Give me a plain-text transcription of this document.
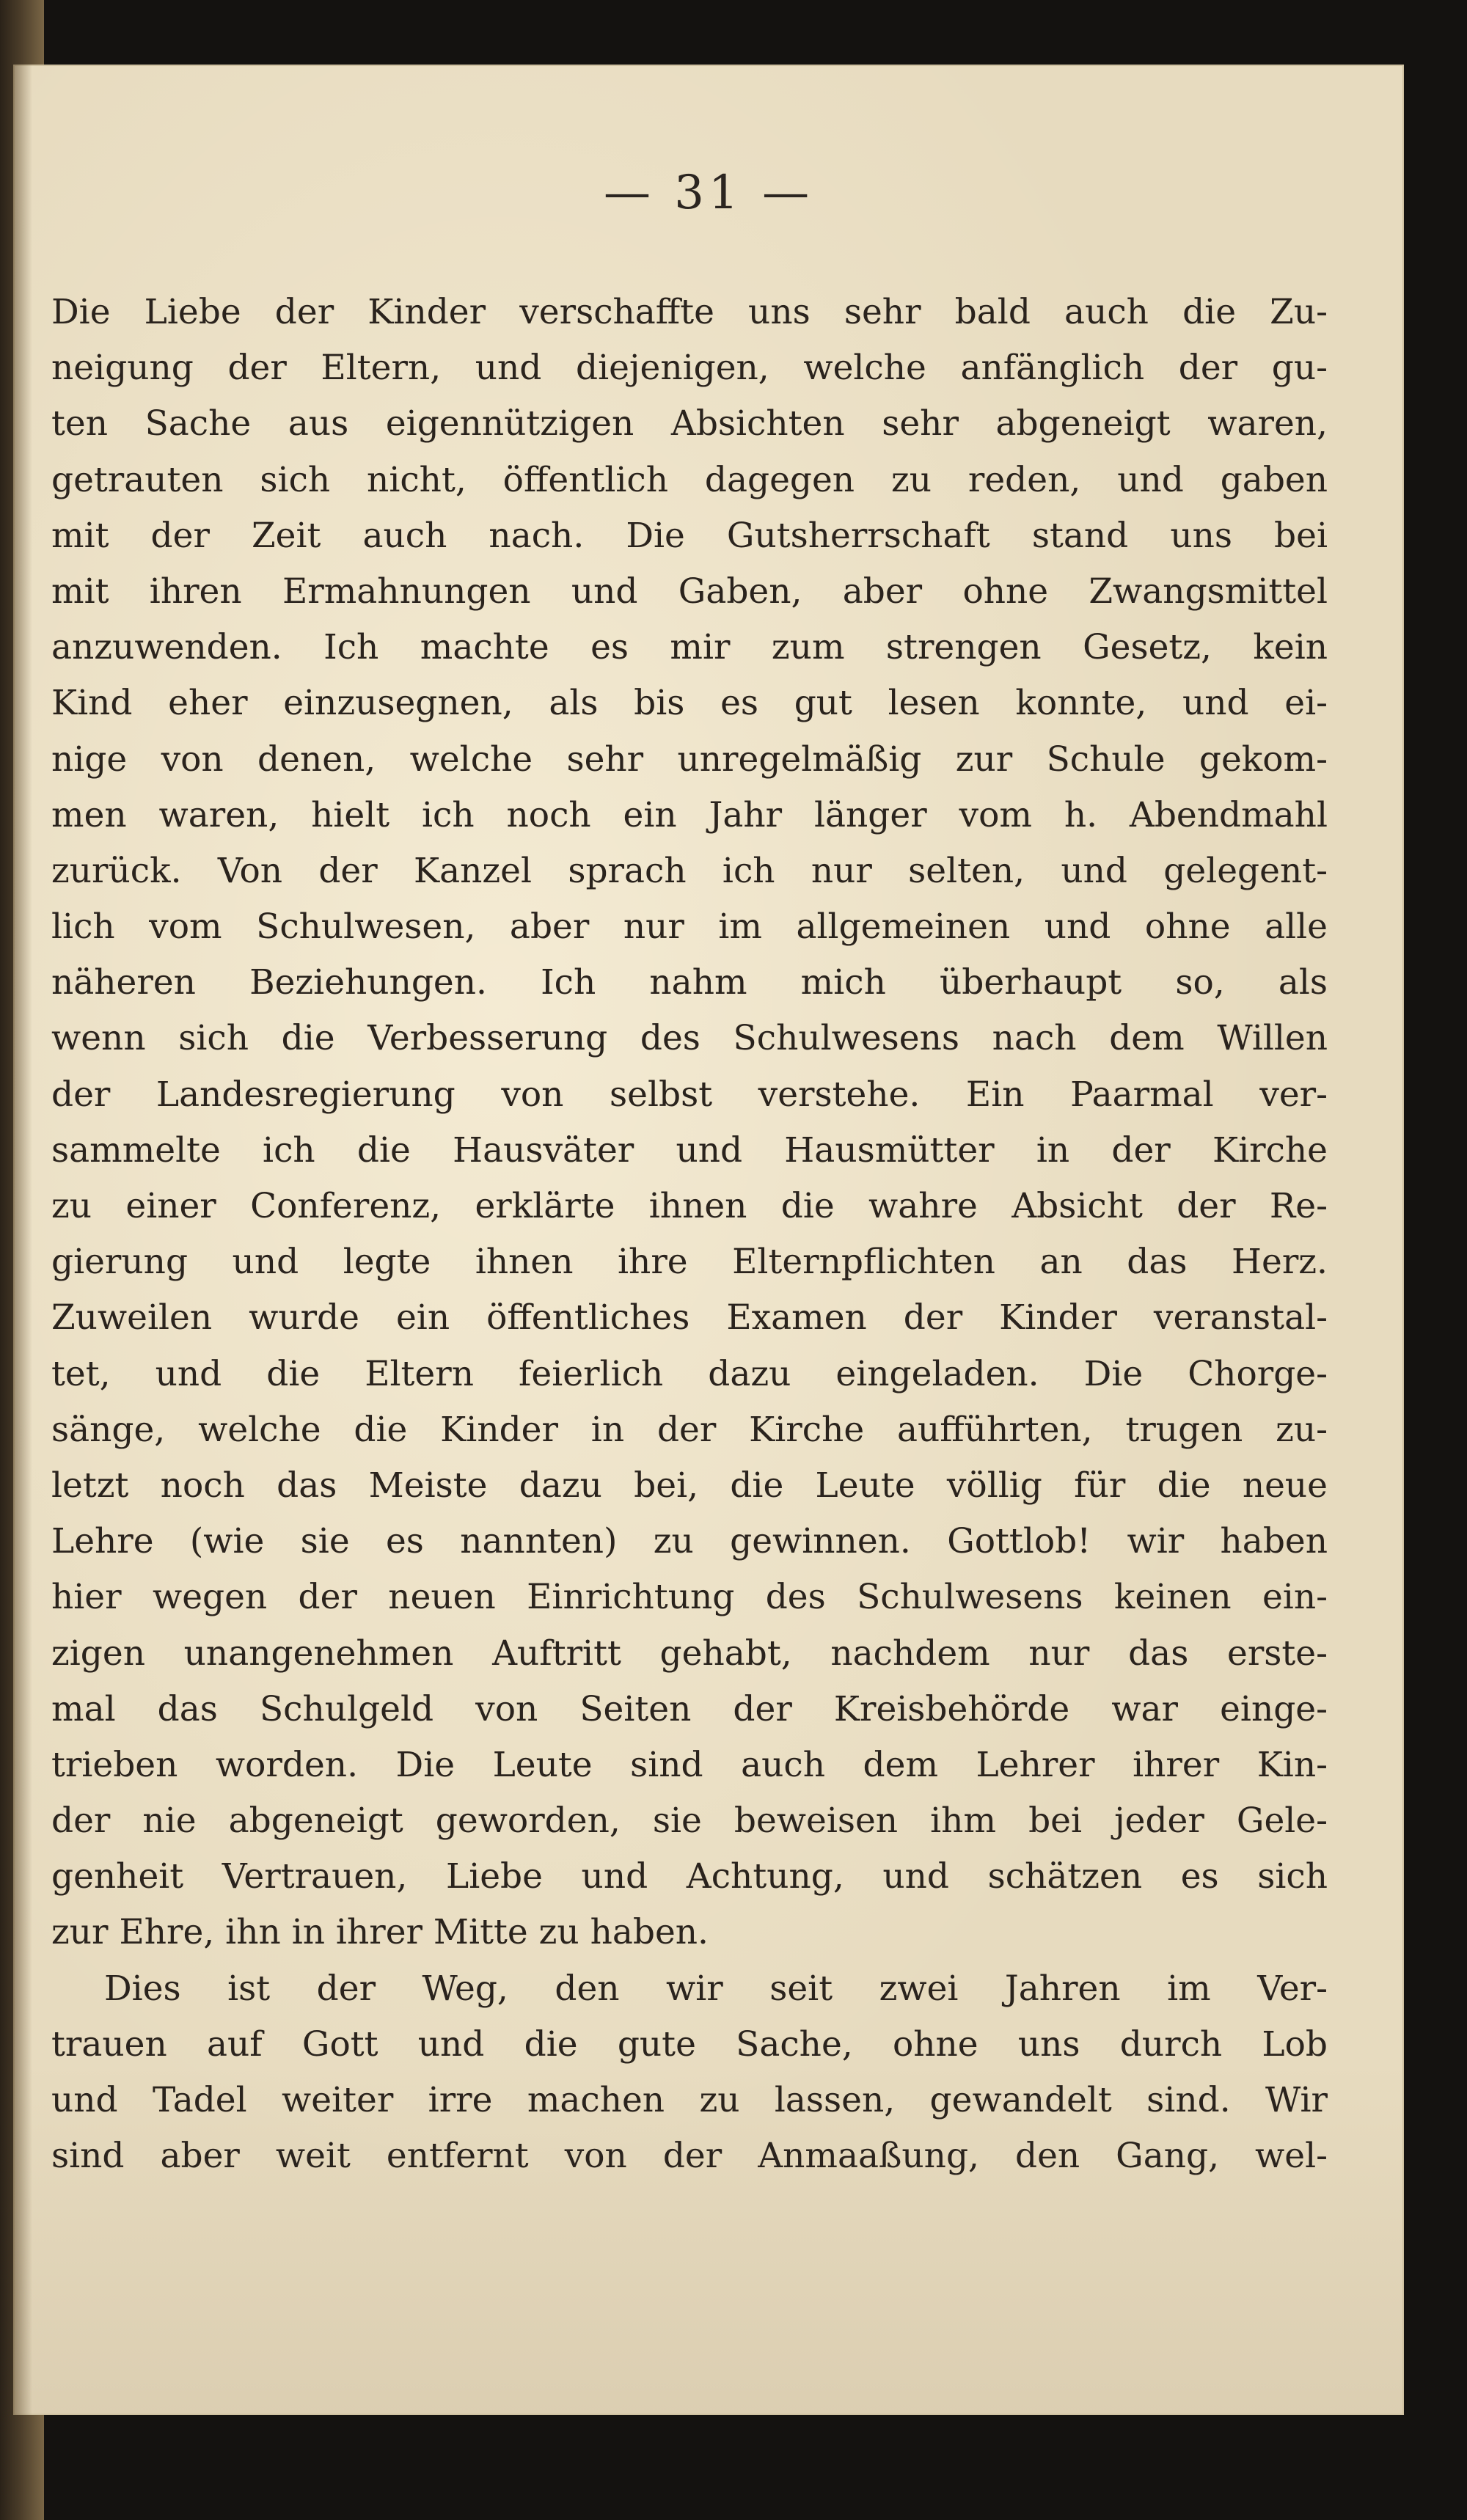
— 31 —
Die Liebe der Kinder verschaffte uns sehr bald auch die Zu-
neigung der Eltern, und diejenigen, welche anfänglich der gu-
ten Sache aus eigennützigen Absichten sehr abgeneigt waren,
getrauten sich nicht, öffentlich dagegen zu reden, und gaben
mit der Zeit auch nach. Die Gutsherrschaft stand uns bei
mit ihren Ermahnungen und Gaben, aber ohne Zwangsmittel
anzuwenden. Ich machte es mir zum strengen Gesetz, kein
Kind eher einzusegnen, als bis es gut lesen konnte, und ei-
nige von denen, welche sehr unregelmäßig zur Schule gekom-
men waren, hielt ich noch ein Jahr länger vom h. Abendmahl
zurück. Von der Kanzel sprach ich nur selten, und gelegent-
lich vom Schulwesen, aber nur im allgemeinen und ohne alle
näheren Beziehungen. Ich nahm mich überhaupt so, als
wenn sich die Verbesserung des Schulwesens nach dem Willen
der Landesregierung von selbst verstehe. Ein Paarmal ver-
sammelte ich die Hausväter und Hausmütter in der Kirche
zu einer Conferenz, erklärte ihnen die wahre Absicht der Re-
gierung und legte ihnen ihre Elternpflichten an das Herz.
Zuweilen wurde ein öffentliches Examen der Kinder veranstal-
tet, und die Eltern feierlich dazu eingeladen. Die Chorge-
sänge, welche die Kinder in der Kirche aufführten, trugen zu-
letzt noch das Meiste dazu bei, die Leute völlig für die neue
Lehre (wie sie es nannten) zu gewinnen. Gottlob! wir haben
hier wegen der neuen Einrichtung des Schulwesens keinen ein-
zigen unangenehmen Auftritt gehabt, nachdem nur das erste-
mal das Schulgeld von Seiten der Kreisbehörde war einge-
trieben worden. Die Leute sind auch dem Lehrer ihrer Kin-
der nie abgeneigt geworden, sie beweisen ihm bei jeder Gele-
genheit Vertrauen, Liebe und Achtung, und schätzen es sich
zur Ehre, ihn in ihrer Mitte zu haben.
Dies ist der Weg, den wir seit zwei Jahren im Ver-
trauen auf Gott und die gute Sache, ohne uns durch Lob
und Tadel weiter irre machen zu lassen, gewandelt sind. Wir
sind aber weit entfernt von der Anmaaßung, den Gang, wel-
